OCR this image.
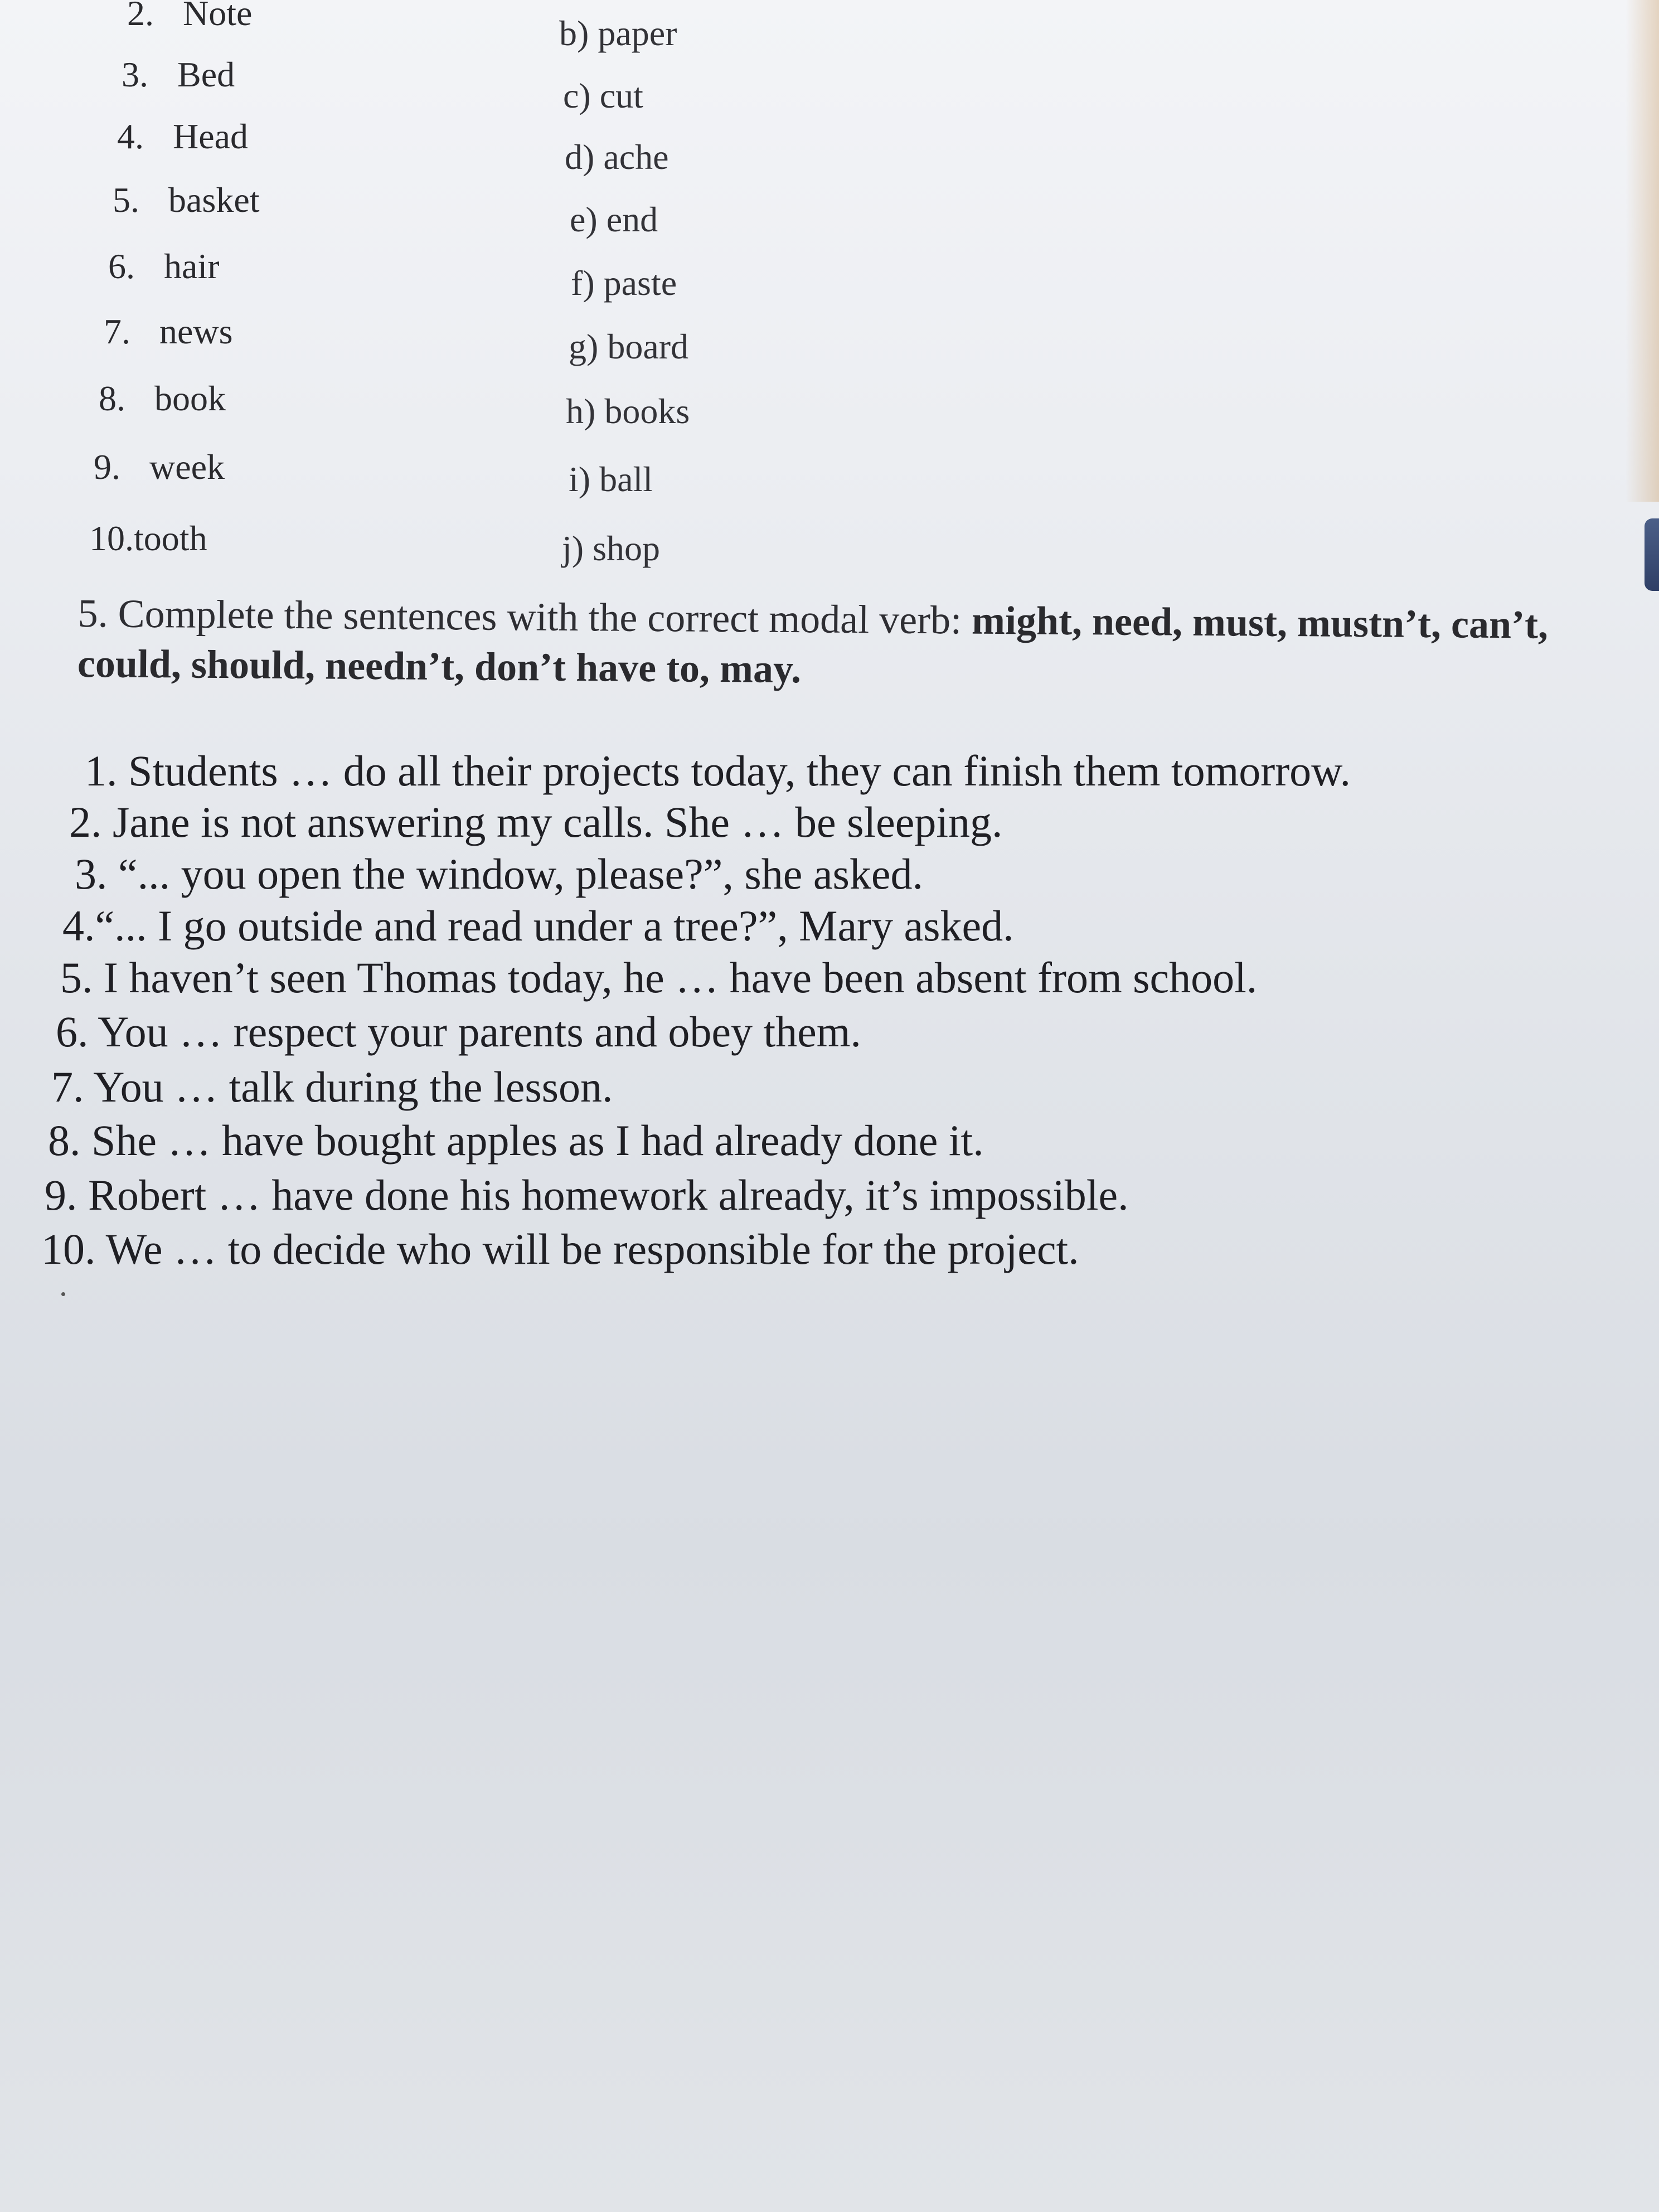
2. Note
3. Bed
4. Head
5. basket
6. hair
7. news
8. book
9. week
10.tooth
b) paper
c) cut
d) ache
e) end
f) paste
g) board
h) books
i) ball
j) shop
5. Complete the sentences with the correct modal verb: might, need, must, mustn’t, can’t, could, should, needn’t, don’t have to, may.
1. Students … do all their projects today, they can finish them tomorrow.
2. Jane is not answering my calls. She … be sleeping.
3. “... you open the window, please?”, she asked.
4.“... I go outside and read under a tree?”, Mary asked.
5. I haven’t seen Thomas today, he … have been absent from school.
6. You … respect your parents and obey them.
7. You … talk during the lesson.
8. She … have bought apples as I had already done it.
9. Robert … have done his homework already, it’s impossible.
10. We … to decide who will be responsible for the project.
